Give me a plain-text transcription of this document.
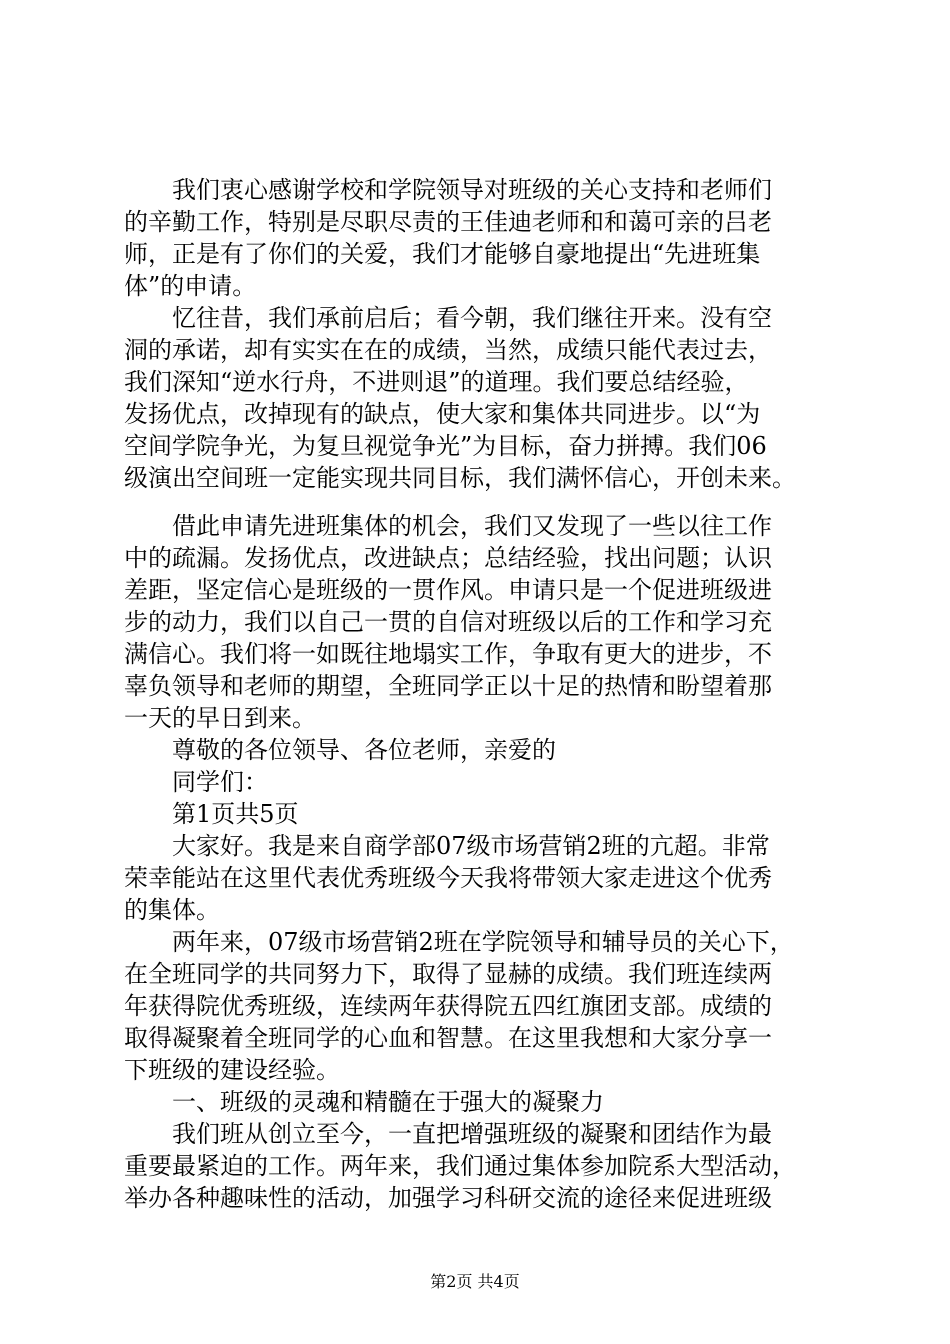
　　我们衷心感谢学校和学院领导对班级的关心支持和老师们
的辛勤工作，特别是尽职尽责的王佳迪老师和和蔼可亲的吕老
师，正是有了你们的关爱，我们才能够自豪地提出“先进班集
体”的申请。
　　忆往昔，我们承前启后；看今朝，我们继往开来。没有空
洞的承诺，却有实实在在的成绩，当然，成绩只能代表过去，
我们深知“逆水行舟，不进则退”的道理。我们要总结经验，
发扬优点，改掉现有的缺点，使大家和集体共同进步。以“为
空间学院争光，为复旦视觉争光”为目标，奋力拼搏。我们06
级演出空间班一定能实现共同目标，我们满怀信心，开创未来。
　　借此申请先进班集体的机会，我们又发现了一些以往工作
中的疏漏。发扬优点，改进缺点；总结经验，找出问题；认识
差距，坚定信心是班级的一贯作风。申请只是一个促进班级进
步的动力，我们以自己一贯的自信对班级以后的工作和学习充
满信心。我们将一如既往地塌实工作，争取有更大的进步，不
辜负领导和老师的期望，全班同学正以十足的热情和盼望着那
一天的早日到来。
　　尊敬的各位领导、各位老师，亲爱的
　　同学们：
　　第1页共5页
　　大家好。我是来自商学部07级市场营销2班的亢超。非常
荣幸能站在这里代表优秀班级今天我将带领大家走进这个优秀
的集体。
　　两年来，07级市场营销2班在学院领导和辅导员的关心下，
在全班同学的共同努力下，取得了显赫的成绩。我们班连续两
年获得院优秀班级，连续两年获得院五四红旗团支部。成绩的
取得凝聚着全班同学的心血和智慧。在这里我想和大家分享一
下班级的建设经验。
　　一、班级的灵魂和精髓在于强大的凝聚力
　　我们班从创立至今，一直把增强班级的凝聚和团结作为最
重要最紧迫的工作。两年来，我们通过集体参加院系大型活动，
举办各种趣味性的活动，加强学习科研交流的途径来促进班级
第2页 共4页
